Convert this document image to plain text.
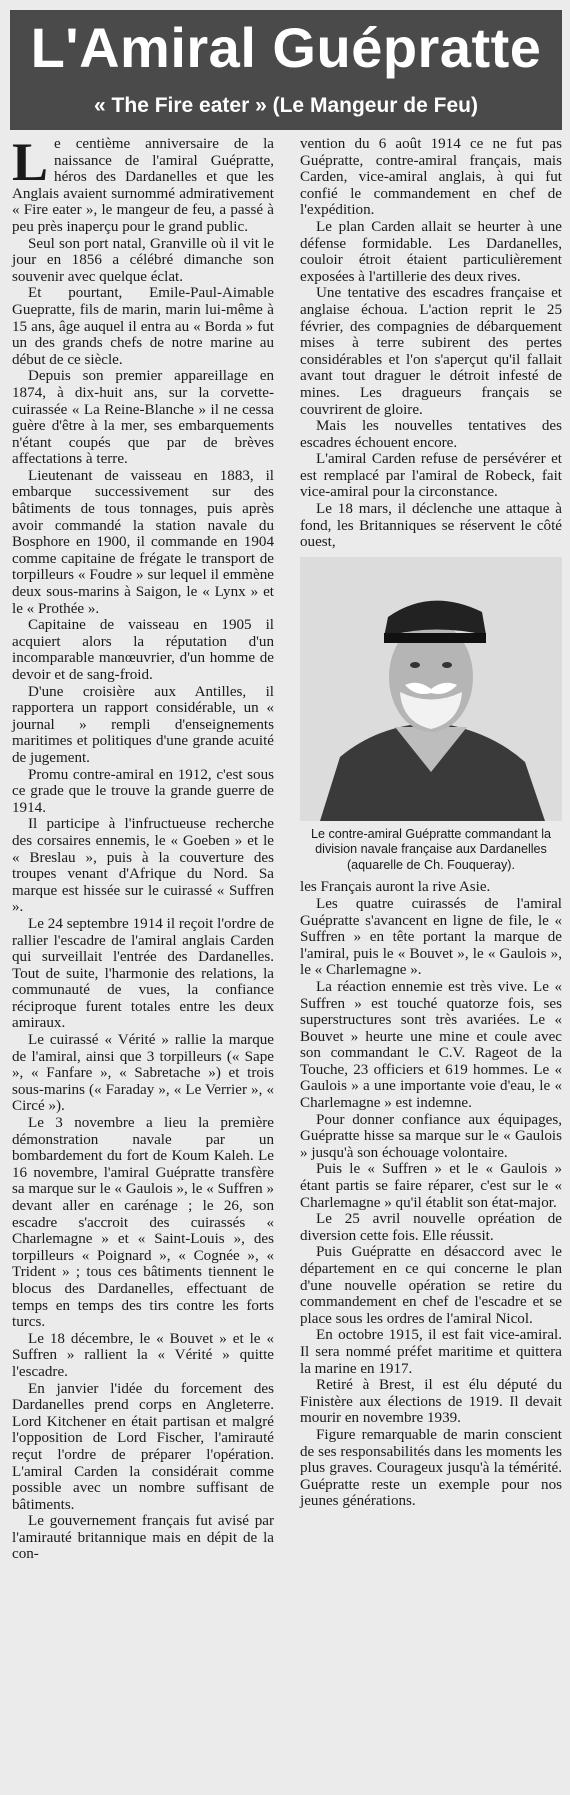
L'Amiral Guépratte
« The Fire eater » (Le Mangeur de Feu)

Le centième anniversaire de la naissance de l'amiral Guépratte, héros des Dardanelles et que les Anglais avaient surnommé admirativement « Fire eater », le mangeur de feu, a passé à peu près inaperçu pour le grand public.

Seul son port natal, Granville où il vit le jour en 1856 a célébré dimanche son souvenir avec quelque éclat.

Et pourtant, Emile-Paul-Aimable Guepratte, fils de marin, marin lui-même à 15 ans, âge auquel il entra au « Borda » fut un des grands chefs de notre marine au début de ce siècle.

Depuis son premier appareillage en 1874, à dix-huit ans, sur la corvette-cuirassée « La Reine-Blanche » il ne cessa guère d'être à la mer, ses embarquements n'étant coupés que par de brèves affectations à terre.

Lieutenant de vaisseau en 1883, il embarque successivement sur des bâtiments de tous tonnages, puis après avoir commandé la station navale du Bosphore en 1900, il commande en 1904 comme capitaine de frégate le transport de torpilleurs « Foudre » sur lequel il emmène deux sous-marins à Saigon, le « Lynx » et le « Prothée ».

Capitaine de vaisseau en 1905 il acquiert alors la réputation d'un incomparable manœuvrier, d'un homme de devoir et de sang-froid.

D'une croisière aux Antilles, il rapportera un rapport considérable, un « journal » rempli d'enseignements maritimes et politiques d'une grande acuité de jugement.

Promu contre-amiral en 1912, c'est sous ce grade que le trouve la grande guerre de 1914.

Il participe à l'infructueuse recherche des corsaires ennemis, le « Goeben » et le « Breslau », puis à la couverture des troupes venant d'Afrique du Nord. Sa marque est hissée sur le cuirassé « Suffren ».

Le 24 septembre 1914 il reçoit l'ordre de rallier l'escadre de l'amiral anglais Carden qui surveillait l'entrée des Dardanelles. Tout de suite, l'harmonie des relations, la communauté de vues, la confiance réciproque furent totales entre les deux amiraux.

Le cuirassé « Vérité » rallie la marque de l'amiral, ainsi que 3 torpilleurs (« Sape », « Fanfare », « Sabretache ») et trois sous-marins (« Faraday », « Le Verrier », « Circé »).

Le 3 novembre a lieu la première démonstration navale par un bombardement du fort de Koum Kaleh. Le 16 novembre, l'amiral Guépratte transfère sa marque sur le « Gaulois », le « Suffren » devant aller en carénage ; le 26, son escadre s'accroit des cuirassés « Charlemagne » et « Saint-Louis », des torpilleurs « Poignard », « Cognée », « Trident » ; tous ces bâtiments tiennent le blocus des Dardanelles, effectuant de temps en temps des tirs contre les forts turcs.

Le 18 décembre, le « Bouvet » et le « Suffren » rallient la « Vérité » quitte l'escadre.

En janvier l'idée du forcement des Dardanelles prend corps en Angleterre. Lord Kitchener en était partisan et malgré l'opposition de Lord Fischer, l'amirauté reçut l'ordre de préparer l'opération. L'amiral Carden la considérait comme possible avec un nombre suffisant de bâtiments.

Le gouvernement français fut avisé par l'amirauté britannique mais en dépit de la con-

vention du 6 août 1914 ce ne fut pas Guépratte, contre-amiral français, mais Carden, vice-amiral anglais, à qui fut confié le commandement en chef de l'expédition.

Le plan Carden allait se heurter à une défense formidable. Les Dardanelles, couloir étroit étaient particulièrement exposées à l'artillerie des deux rives.

Une tentative des escadres française et anglaise échoua. L'action reprit le 25 février, des compagnies de débarquement mises à terre subirent des pertes considérables et l'on s'aperçut qu'il fallait avant tout draguer le détroit infesté de mines. Les dragueurs français se couvrirent de gloire.

Mais les nouvelles tentatives des escadres échouent encore.

L'amiral Carden refuse de persévérer et est remplacé par l'amiral de Robeck, fait vice-amiral pour la circonstance.

Le 18 mars, il déclenche une attaque à fond, les Britanniques se réservent le côté ouest,

Le contre-amiral Guépratte commandant la division navale française aux Dardanelles (aquarelle de Ch. Fouqueray).

les Français auront la rive Asie.

Les quatre cuirassés de l'amiral Guépratte s'avancent en ligne de file, le « Suffren » en tête portant la marque de l'amiral, puis le « Bouvet », le « Gaulois », le « Charlemagne ».

La réaction ennemie est très vive. Le « Suffren » est touché quatorze fois, ses superstructures sont très avariées. Le « Bouvet » heurte une mine et coule avec son commandant le C.V. Rageot de la Touche, 23 officiers et 619 hommes. Le « Gaulois » a une importante voie d'eau, le « Charlemagne » est indemne.

Pour donner confiance aux équipages, Guépratte hisse sa marque sur le « Gaulois » jusqu'à son échouage volontaire.

Puis le « Suffren » et le « Gaulois » étant partis se faire réparer, c'est sur le « Charlemagne » qu'il établit son état-major.

Le 25 avril nouvelle opréation de diversion cette fois. Elle réussit.

Puis Guépratte en désaccord avec le département en ce qui concerne le plan d'une nouvelle opération se retire du commandement en chef de l'escadre et se place sous les ordres de l'amiral Nicol.

En octobre 1915, il est fait vice-amiral. Il sera nommé préfet maritime et quittera la marine en 1917.

Retiré à Brest, il est élu député du Finistère aux élections de 1919. Il devait mourir en novembre 1939.

Figure remarquable de marin conscient de ses responsabilités dans les moments les plus graves. Courageux jusqu'à la témérité. Guépratte reste un exemple pour nos jeunes générations.
